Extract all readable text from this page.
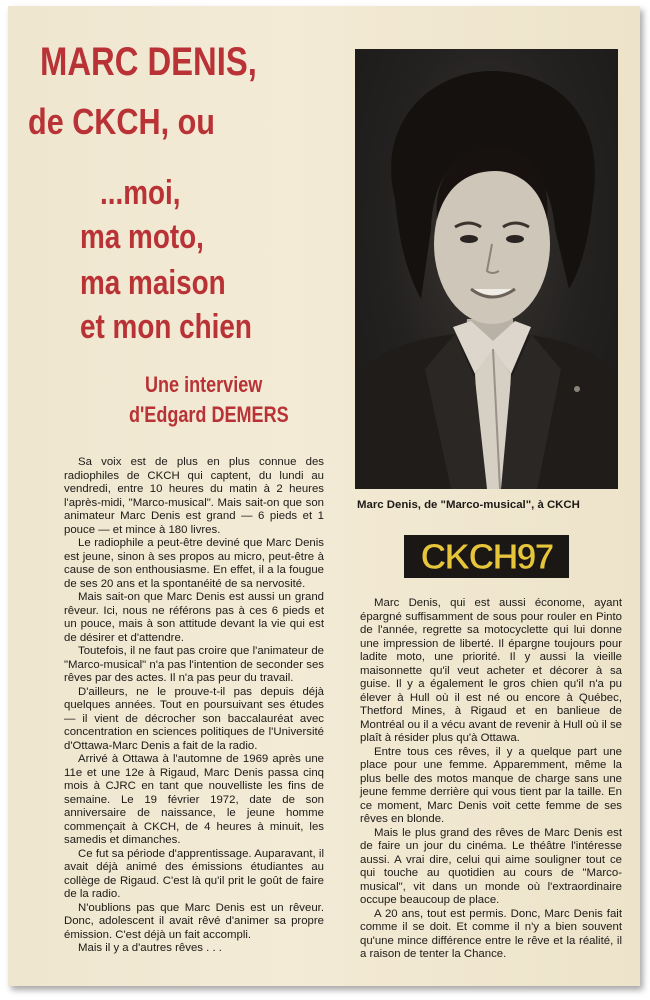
MARC DENIS,
de CKCH, ou
...moi,
ma moto,
ma maison
et mon chien
Une interview
d'Edgard DEMERS

Sa voix est de plus en plus connue des radiophiles de CKCH qui captent, du lundi au vendredi, entre 10 heures du matin à 2 heures l'après-midi, "Marco-musical". Mais sait-on que son animateur Marc Denis est grand — 6 pieds et 1 pouce — et mince à 180 livres.

Le radiophile a peut-être deviné que Marc Denis est jeune, sinon à ses propos au micro, peut-être à cause de son enthousiasme. En effet, il a la fougue de ses 20 ans et la spontanéité de sa nervosité.

Mais sait-on que Marc Denis est aussi un grand rêveur. Ici, nous ne référons pas à ces 6 pieds et un pouce, mais à son attitude devant la vie qui est de désirer et d'attendre.

Toutefois, il ne faut pas croire que l'animateur de "Marco-musical" n'a pas l'intention de seconder ses rêves par des actes. Il n'a pas peur du travail.

D'ailleurs, ne le prouve-t-il pas depuis déjà quelques années. Tout en poursuivant ses études — il vient de décrocher son baccalauréat avec concentration en sciences politiques de l'Université d'Ottawa-Marc Denis a fait de la radio.

Arrivé à Ottawa à l'automne de 1969 après une 11e et une 12e à Rigaud, Marc Denis passa cinq mois à CJRC en tant que nouvelliste les fins de semaine. Le 19 février 1972, date de son anniversaire de naissance, le jeune homme commençait à CKCH, de 4 heures à minuit, les samedis et dimanches.

Ce fut sa période d'apprentissage. Auparavant, il avait déjà animé des émissions étudiantes au collège de Rigaud. C'est là qu'il prit le goût de faire de la radio.

N'oublions pas que Marc Denis est un rêveur. Donc, adolescent il avait rêvé d'animer sa propre émission. C'est déjà un fait accompli.

Mais il y a d'autres rêves . . .

Marc Denis, de "Marco-musical", à CKCH
CKCH97

Marc Denis, qui est aussi économe, ayant épargné suffisamment de sous pour rouler en Pinto de l'année, regrette sa motocyclette qui lui donne une impression de liberté. Il épargne toujours pour ladite moto, une priorité. Il y aussi la vieille maisonnette qu'il veut acheter et décorer à sa guise. Il y a également le gros chien qu'il n'a pu élever à Hull où il est né ou encore à Québec, Thetford Mines, à Rigaud et en banlieue de Montréal ou il a vécu avant de revenir à Hull où il se plaît à résider plus qu'à Ottawa.

Entre tous ces rêves, il y a quelque part une place pour une femme. Apparemment, même la plus belle des motos manque de charge sans une jeune femme derrière qui vous tient par la taille. En ce moment, Marc Denis voit cette femme de ses rêves en blonde.

Mais le plus grand des rêves de Marc Denis est de faire un jour du cinéma. Le théâtre l'intéresse aussi. A vrai dire, celui qui aime souligner tout ce qui touche au quotidien au cours de "Marco-musical", vit dans un monde où l'extraordinaire occupe beaucoup de place.

A 20 ans, tout est permis. Donc, Marc Denis fait comme il se doit. Et comme il n'y a bien souvent qu'une mince différence entre le rêve et la réalité, il a raison de tenter la Chance.
